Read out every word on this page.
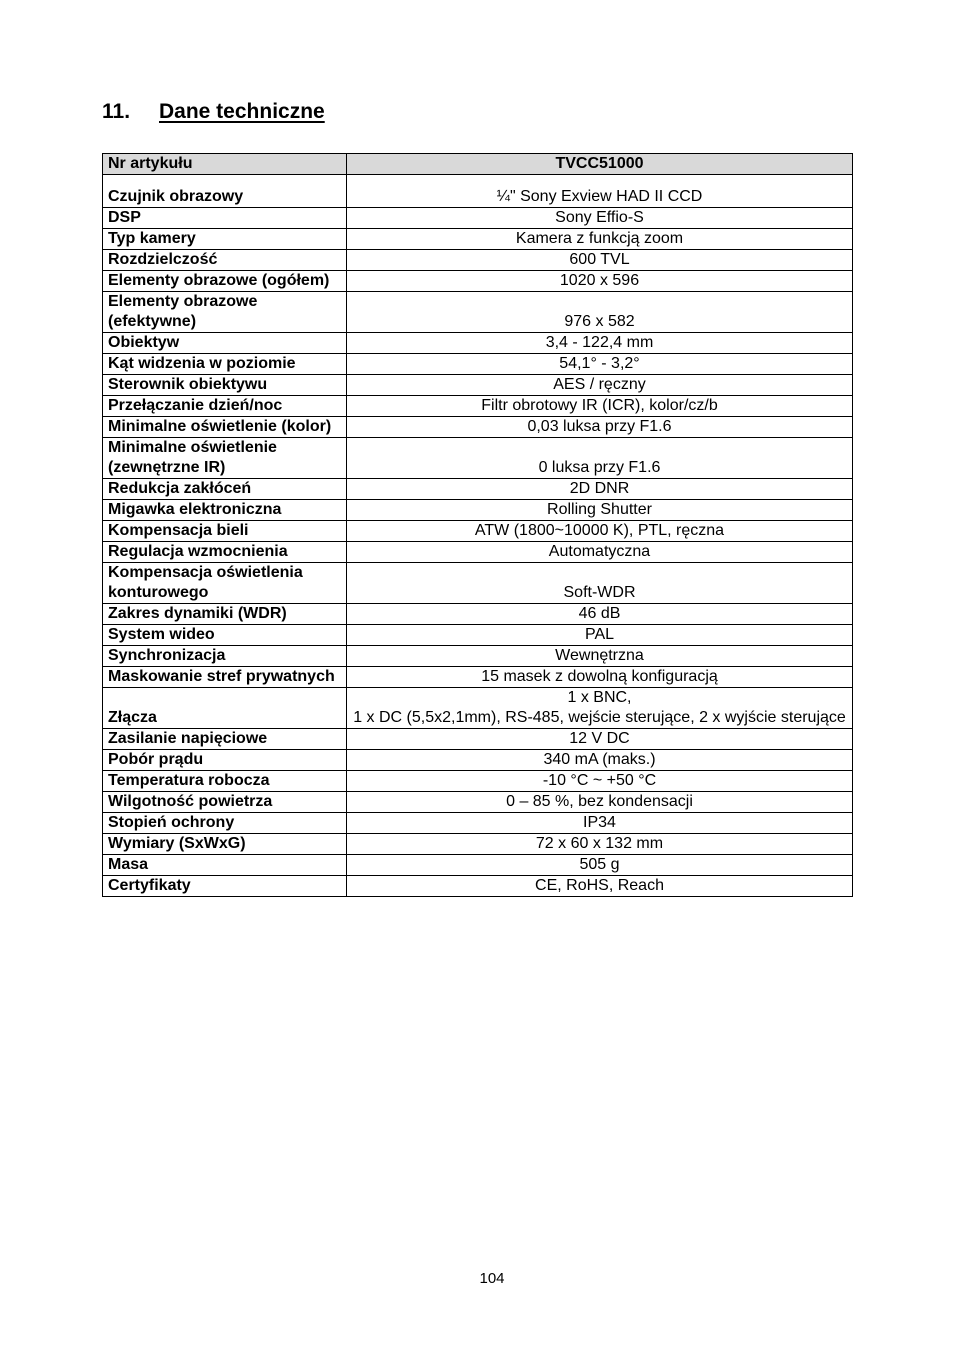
11. Dane techniczne
Nr artykułu	TVCC51000
Czujnik obrazowy	¼" Sony Exview HAD II CCD

DSP	Sony Effio-S

Typ kamery	Kamera z funkcją zoom

Rozdzielczość	600 TVL

Elementy obrazowe (ogółem)	1020 x 596

Elementy obrazowe (efektywne)	976 x 582

Obiektyw	3,4 - 122,4 mm

Kąt widzenia w poziomie	54,1° - 3,2°

Sterownik obiektywu	AES / ręczny

Przełączanie dzień/noc	Filtr obrotowy IR (ICR), kolor/cz/b

Minimalne oświetlenie (kolor)	0,03 luksa przy F1.6

Minimalne oświetlenie (zewnętrzne IR)	0 luksa przy F1.6

Redukcja zakłóceń	2D DNR

Migawka elektroniczna	Rolling Shutter

Kompensacja bieli	ATW (1800~10000 K), PTL, ręczna

Regulacja wzmocnienia	Automatyczna

Kompensacja oświetlenia konturowego	Soft-WDR

Zakres dynamiki (WDR)	46 dB

System wideo	PAL

Synchronizacja	Wewnętrzna

Maskowanie stref prywatnych	15 masek z dowolną konfiguracją

Złącza	1 x BNC,
1 x DC (5,5x2,1mm), RS-485, wejście sterujące, 2 x wyjście sterujące

Zasilanie napięciowe	12 V DC

Pobór prądu	340 mA (maks.)

Temperatura robocza	-10 °C ~ +50 °C

Wilgotność powietrza	0 – 85 %, bez kondensacji

Stopień ochrony	IP34

Wymiary (SxWxG)	72 x 60 x 132 mm

Masa	505 g

Certyfikaty	CE, RoHS, Reach
104
